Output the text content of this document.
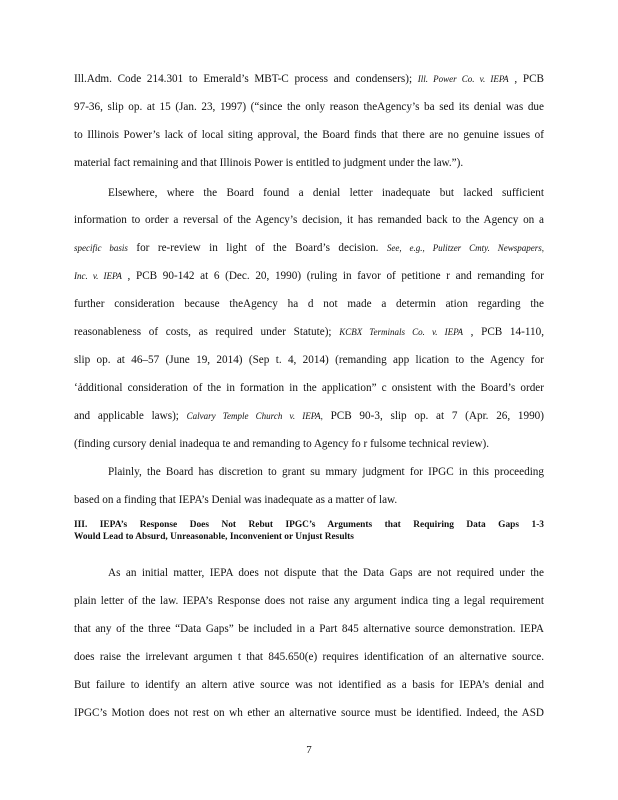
Ill.Adm. Code 214.301 to Emerald’s MBT-C process and condensers); Ill. Power Co. v. IEPA , PCB
97-36, slip op. at 15 (Jan. 23, 1997) (“since the only reason theAgency’s ba sed its denial was due
to Illinois Power’s lack of local siting approval, the Board finds that there are no genuine issues of
material fact remaining and that Illinois Power is entitled to judgment under the law.”).
Elsewhere, where the Board found a denial letter inadequate but lacked sufficient
information to order a reversal of the Agency’s decision, it has remanded back to the Agency on a
specific basis for re-review in light of the Board’s decision. See, e.g., Pulitzer Cmty. Newspapers,
Inc. v. IEPA , PCB 90-142 at 6 (Dec. 20, 1990) (ruling in favor of petitione r and remanding for
further consideration because theAgency ha d not made a determin ation regarding the
reasonableness of costs, as required under Statute); KCBX Terminals Co. v. IEPA , PCB 14-110,
slip op. at 46–57 (June 19, 2014) (Sep t. 4, 2014) (remanding app lication to the Agency for
‘ảdditional consideration of the in formation in the application” c onsistent with the Board’s order
and applicable laws); Calvary Temple Church v. IEPA, PCB 90-3, slip op. at 7 (Apr. 26, 1990)
(finding cursory denial inadequa te and remanding to Agency fo r fulsome technical review).
Plainly, the Board has discretion to grant su mmary judgment for IPGC in this proceeding
based on a finding that IEPA’s Denial was inadequate as a matter of law.
As an initial matter, IEPA does not dispute that the Data Gaps are not required under the
plain letter of the law. IEPA’s Response does not raise any argument indica ting a legal requirement
that any of the three “Data Gaps” be included in a Part 845 alternative source demonstration. IEPA
does raise the irrelevant argumen t that 845.650(e) requires identification of an alternative source.
But failure to identify an altern ative source was not identified as a basis for IEPA’s denial and
IPGC’s Motion does not rest on wh ether an alternative source must be identified. Indeed, the ASD
III. IEPA’s Response Does Not Rebut IPGC’s Arguments that Requiring Data Gaps 1-3
Would Lead to Absurd, Unreasonable, Inconvenient or Unjust Results
7
